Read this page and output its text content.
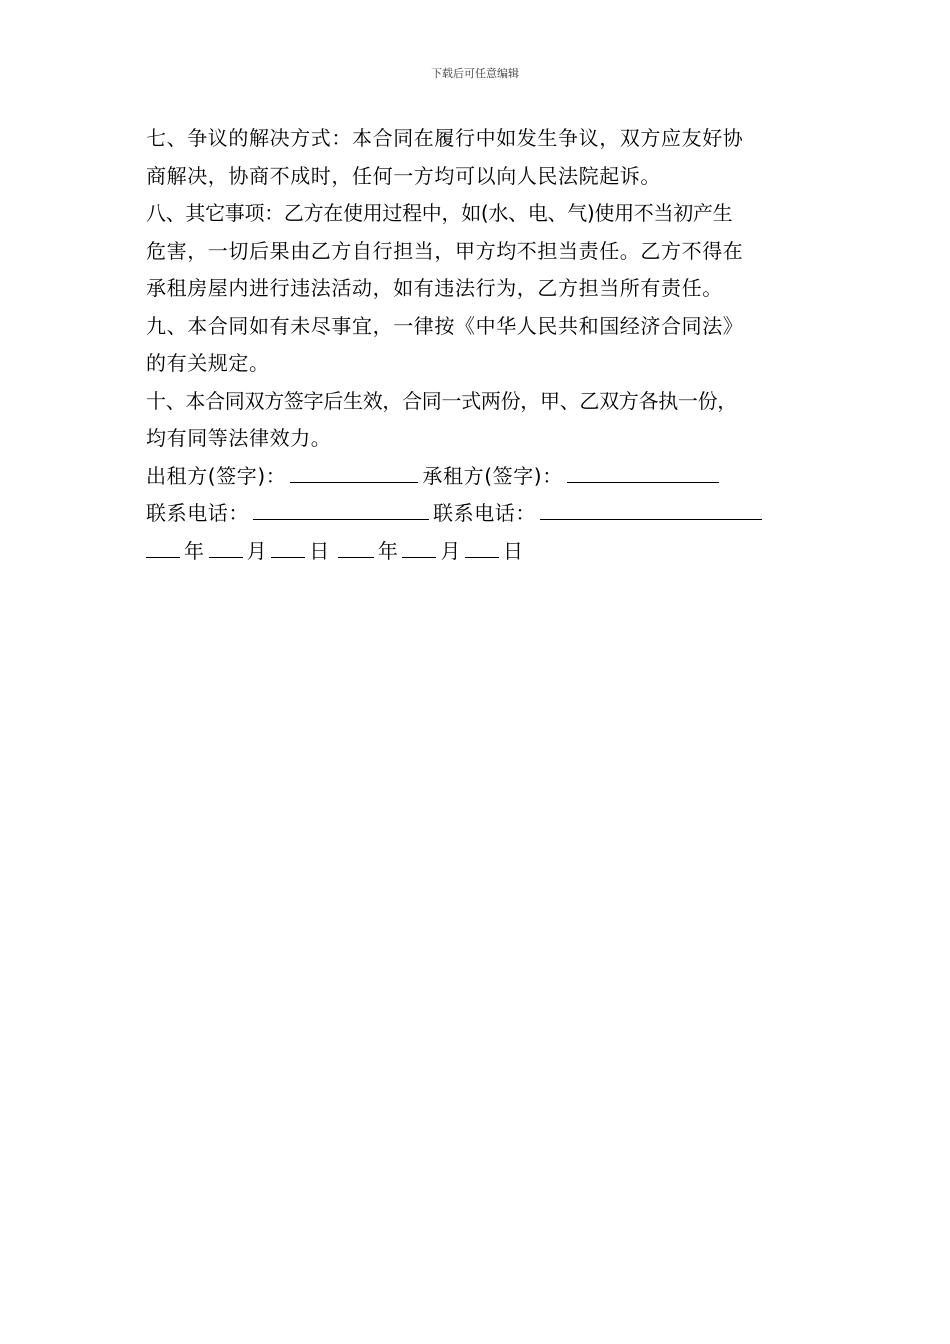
下载后可任意编辑
七、争议的解决方式：本合同在履行中如发生争议，双方应友好协
商解决，协商不成时，任何一方均可以向人民法院起诉。
八、其它事项：乙方在使用过程中，如(水、电、气)使用不当初产生
危害，一切后果由乙方自行担当，甲方均不担当责任。乙方不得在
承租房屋内进行违法活动，如有违法行为，乙方担当所有责任。
九、本合同如有未尽事宜，一律按《中华人民共和国经济合同法》
的有关规定。
十、本合同双方签字后生效，合同一式两份，甲、乙双方各执一份，
均有同等法律效力。
出租方(签字)：	承租方(签字)：
联系电话：	联系电话：
年 月 日 年 月 日
